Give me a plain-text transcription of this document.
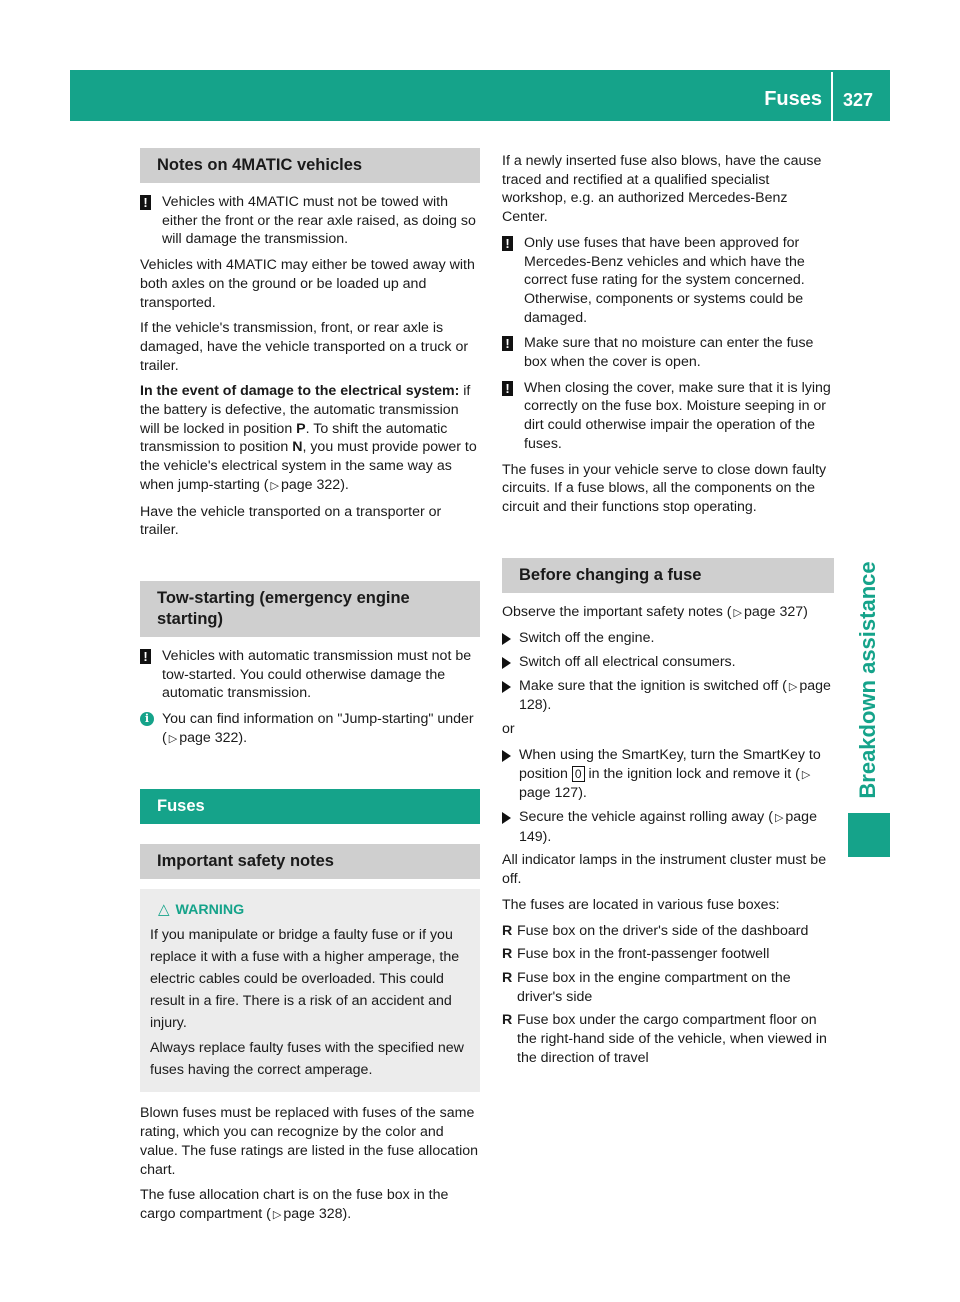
Fuses 327
Breakdown assistance
Notes on 4MATIC vehicles
! Vehicles with 4MATIC must not be towed with either the front or the rear axle raised, as doing so will damage the transmission.

Vehicles with 4MATIC may either be towed away with both axles on the ground or be loaded up and transported.

If the vehicle's transmission, front, or rear axle is damaged, have the vehicle transported on a truck or trailer.

In the event of damage to the electrical system: if the battery is defective, the automatic transmission will be locked in position P. To shift the automatic transmission to position N, you must provide power to the vehicle's electrical system in the same way as when jump-starting ( ▷ page 322).

Have the vehicle transported on a transporter or trailer.

Tow-starting (emergency engine starting)
! Vehicles with automatic transmission must not be tow-started. You could otherwise damage the automatic transmission.
i You can find information on "Jump-starting" under ( ▷ page 322).
Fuses
Important safety notes
△ WARNING

If you manipulate or bridge a faulty fuse or if you replace it with a fuse with a higher amperage, the electric cables could be overloaded. This could result in a fire. There is a risk of an accident and injury.

Always replace faulty fuses with the specified new fuses having the correct amperage.

Blown fuses must be replaced with fuses of the same rating, which you can recognize by the color and value. The fuse ratings are listed in the fuse allocation chart.

The fuse allocation chart is on the fuse box in the cargo compartment ( ▷ page 328).

If a newly inserted fuse also blows, have the cause traced and rectified at a qualified specialist workshop, e.g. an authorized Mercedes-Benz Center.

! Only use fuses that have been approved for Mercedes-Benz vehicles and which have the correct fuse rating for the system concerned. Otherwise, components or systems could be damaged.
! Make sure that no moisture can enter the fuse box when the cover is open.
! When closing the cover, make sure that it is lying correctly on the fuse box. Moisture seeping in or dirt could otherwise impair the operation of the fuses.

The fuses in your vehicle serve to close down faulty circuits. If a fuse blows, all the components on the circuit and their functions stop operating.

Before changing a fuse

Observe the important safety notes ( ▷ page 327)

Switch off the engine.
Switch off all electrical consumers.
Make sure that the ignition is switched off ( ▷ page 128).

or

When using the SmartKey, turn the SmartKey to position 0 in the ignition lock and remove it ( ▷page 127).
Secure the vehicle against rolling away ( ▷ page 149).

All indicator lamps in the instrument cluster must be off.

The fuses are located in various fuse boxes:

R Fuse box on the driver's side of the dashboard
R Fuse box in the front-passenger footwell
R Fuse box in the engine compartment on the driver's side
R Fuse box under the cargo compartment floor on the right-hand side of the vehicle, when viewed in the direction of travel
